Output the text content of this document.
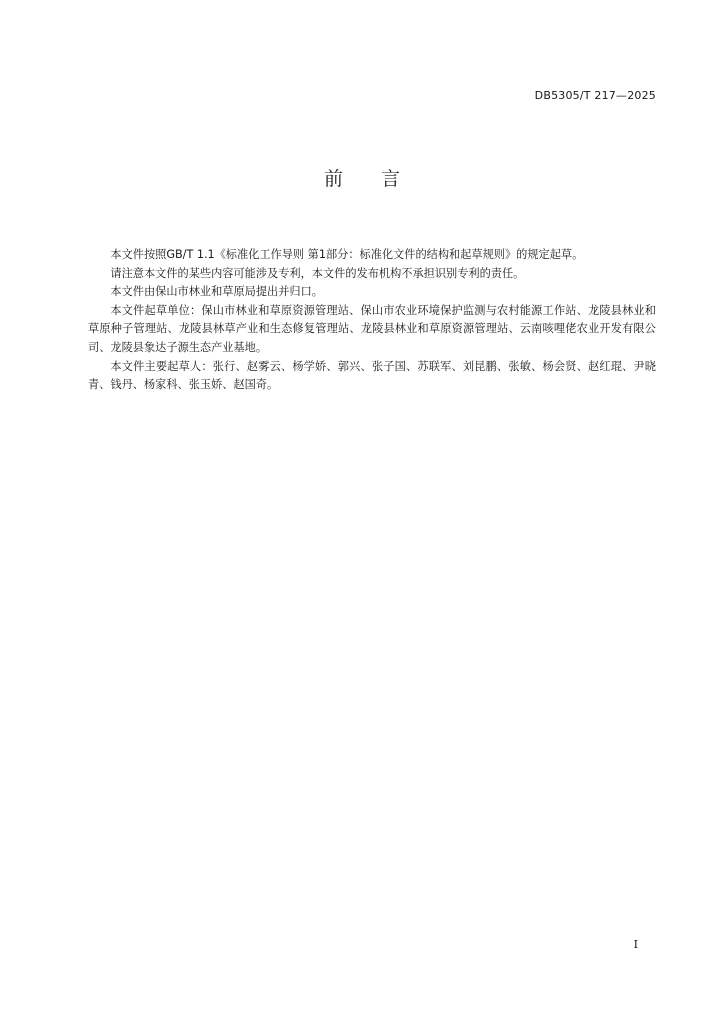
DB5305/T 217—2025
前　　言

本文件按照GB/T 1.1《标准化工作导则 第1部分：标准化文件的结构和起草规则》的规定起草。

请注意本文件的某些内容可能涉及专利，本文件的发布机构不承担识别专利的责任。

本文件由保山市林业和草原局提出并归口。

本文件起草单位：保山市林业和草原资源管理站、保山市农业环境保护监测与农村能源工作站、龙陵县林业和草原种子管理站、龙陵县林草产业和生态修复管理站、龙陵县林业和草原资源管理站、云南咳哩佬农业开发有限公司、龙陵县象达子源生态产业基地。

本文件主要起草人：张行、赵雾云、杨学娇、郭兴、张子国、苏联军、刘昆鹏、张敏、杨会贤、赵红琨、尹晓青、钱丹、杨家科、张玉娇、赵国奇。

I
